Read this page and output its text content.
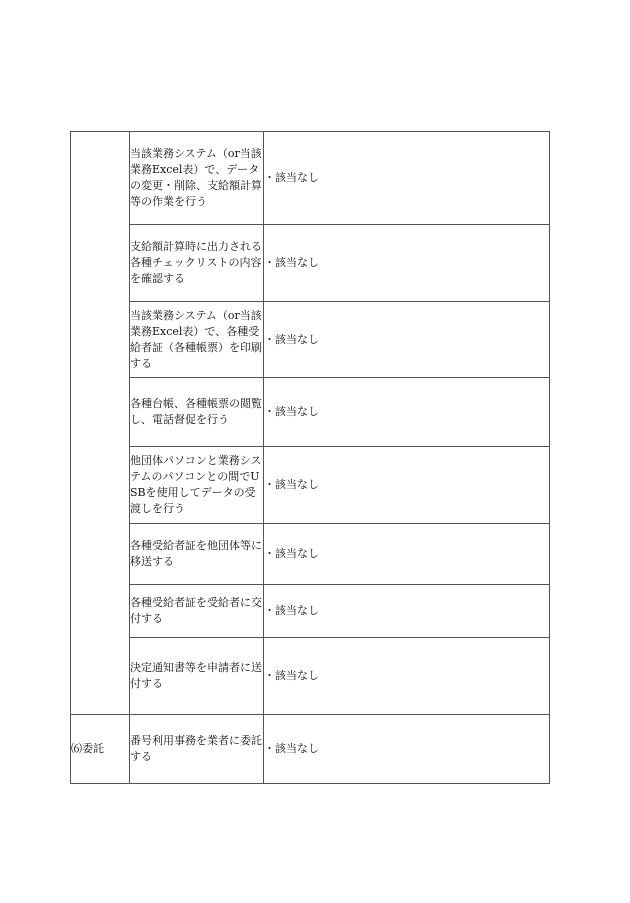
	当該業務システム（or当該業務Excel表）で、データの変更・削除、支給額計算等の作業を行う	・該当なし
	支給額計算時に出力される各種チェックリストの内容を確認する	・該当なし
	当該業務システム（or当該業務Excel表）で、各種受給者証（各種帳票）を印刷する	・該当なし
	各種台帳、各種帳票の閲覧し、電話督促を行う	・該当なし
	他団体パソコンと業務システムのパソコンとの間でUSBを使用してデータの受渡しを行う	・該当なし
	各種受給者証を他団体等に移送する	・該当なし
	各種受給者証を受給者に交付する	・該当なし
	決定通知書等を申請者に送付する	・該当なし
⑹委託	番号利用事務を業者に委託する	・該当なし
